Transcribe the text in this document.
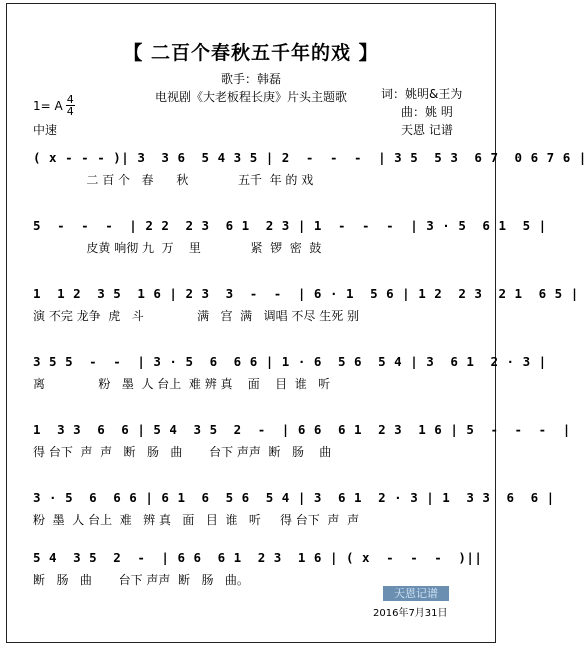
【 二百个春秋五千年的戏 】
歌手：韩磊
电视剧《大老板程长庚》片头主题歌
1= A $\frac{4}{4}$
中速
词：姚明&王为
曲：姚 明
天恩 记谱
( x - - - )| 3  3 6  5 4 3 5 | 2  -  -  -  | 3 5  5 3  6 7  0 6 7 6 |
二 百 个   春      秋             五千  年 的 戏
5  -  -  -  | 2 2  2 3  6 1  2 3 | 1  -  -  -  | 3 · 5  6 1  5 |
皮黄 响彻 九  万    里             紧  锣  密  鼓
1  1 2  3 5  1 6 | 2 3  3  -  -  | 6 · 1  5 6 | 1 2  2 3  2 1  6 5 |
演 不完 龙争  虎   斗              满   宫  满   调唱 不尽 生死 别
3 5 5  -  -  | 3 · 5  6  6 6 | 1 · 6  5 6  5 4 | 3  6 1  2 · 3 |
离              粉   墨  人 台上  难 辨 真    面    目  谁   听
1  3 3  6  6 | 5 4  3 5  2  -  | 6 6  6 1  2 3  1 6 | 5  -  -  -  |
得 台下  声  声   断   肠   曲       台下 声声  断   肠    曲
3 · 5  6  6 6 | 6 1  6  5 6  5 4 | 3  6 1  2 · 3 | 1  3 3  6  6 |
粉  墨  人 台上  难   辨 真   面   目  谁   听     得 台下  声  声
5 4  3 5  2  -  | 6 6  6 1  2 3  1 6 | ( x  -  -  -  )||
断   肠   曲       台下 声声  断   肠   曲。
天恩记谱
2016年7月31日
